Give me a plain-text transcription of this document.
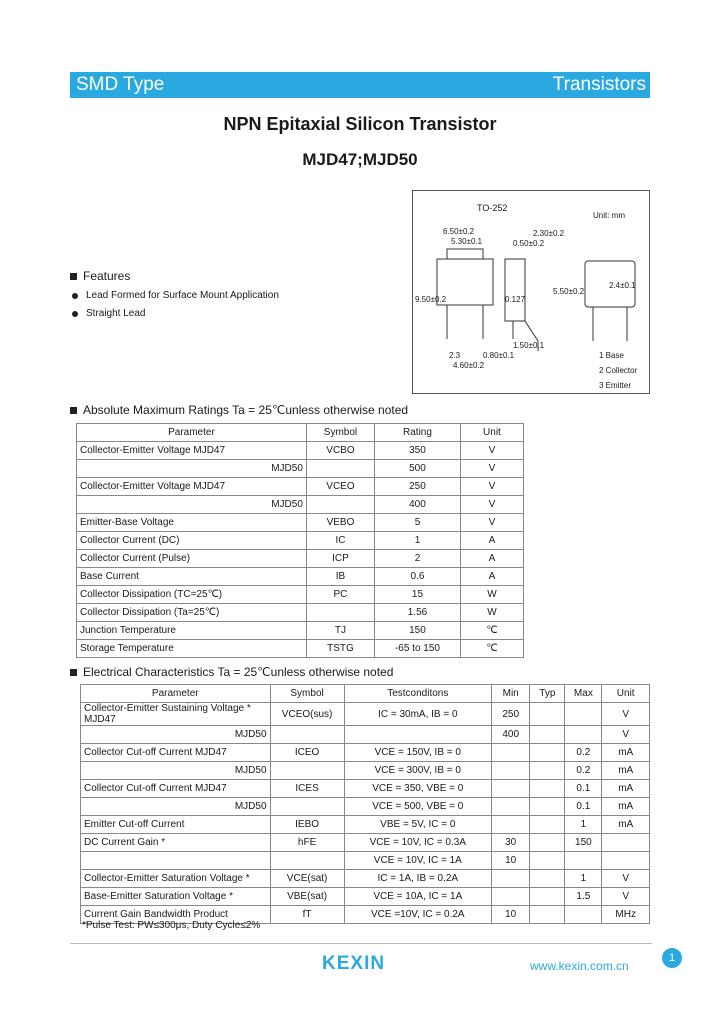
SMD Type	Transistors
NPN Epitaxial Silicon Transistor
MJD47;MJD50
TO-252
Unit: mm
6.50±0.2
5.30±0.1
2.30±0.2
0.50±0.2
9.50±0.2	0.127
5.50±0.2
1.50±0.1
2.3
4.60±0.2
0.80±0.1
2.4±0.1
1 Base
2 Collector
3 Emitter
Features
Lead Formed for Surface Mount Application
Straight Lead
Absolute Maximum Ratings Ta = 25℃unless otherwise noted
Parameter	Symbol	Rating	Unit
Collector-Emitter Voltage MJD47	VCBO	350	V
MJD50		500	V
Collector-Emitter Voltage MJD47	VCEO	250	V
MJD50		400	V
Emitter-Base Voltage	VEBO	5	V
Collector Current (DC)	IC	1	A
Collector Current (Pulse)	ICP	2	A
Base Current	IB	0.6	A
Collector Dissipation (TC=25℃)	PC	15	W
Collector Dissipation (Ta=25℃)		1.56	W
Junction Temperature	TJ	150	℃
Storage Temperature	TSTG	-65 to 150	℃
Electrical Characteristics Ta = 25℃unless otherwise noted
Parameter	Symbol	Testconditons	Min	Typ	Max	Unit
Collector-Emitter Sustaining Voltage * MJD47	VCEO(sus)	IC = 30mA, IB = 0	250			V
MJD50			400			V
Collector Cut-off Current MJD47	ICEO	VCE = 150V, IB = 0			0.2	mA
MJD50		VCE = 300V, IB = 0			0.2	mA
Collector Cut-off Current MJD47	ICES	VCE = 350, VBE = 0			0.1	mA
MJD50		VCE = 500, VBE = 0			0.1	mA
Emitter Cut-off Current	IEBO	VBE = 5V, IC = 0			1	mA
DC Current Gain *	hFE	VCE = 10V, IC = 0.3A	30		150	
		VCE = 10V, IC = 1A	10			
Collector-Emitter Saturation Voltage *	VCE(sat)	IC = 1A, IB = 0.2A			1	V
Base-Emitter Saturation Voltage *	VBE(sat)	VCE = 10A, IC = 1A			1.5	V
Current Gain Bandwidth Product	fT	VCE =10V, IC = 0.2A	10			MHz
*Pulse Test: PW≤300μs, Duty Cycle≤2%
KEXIN	www.kexin.com.cn
1
